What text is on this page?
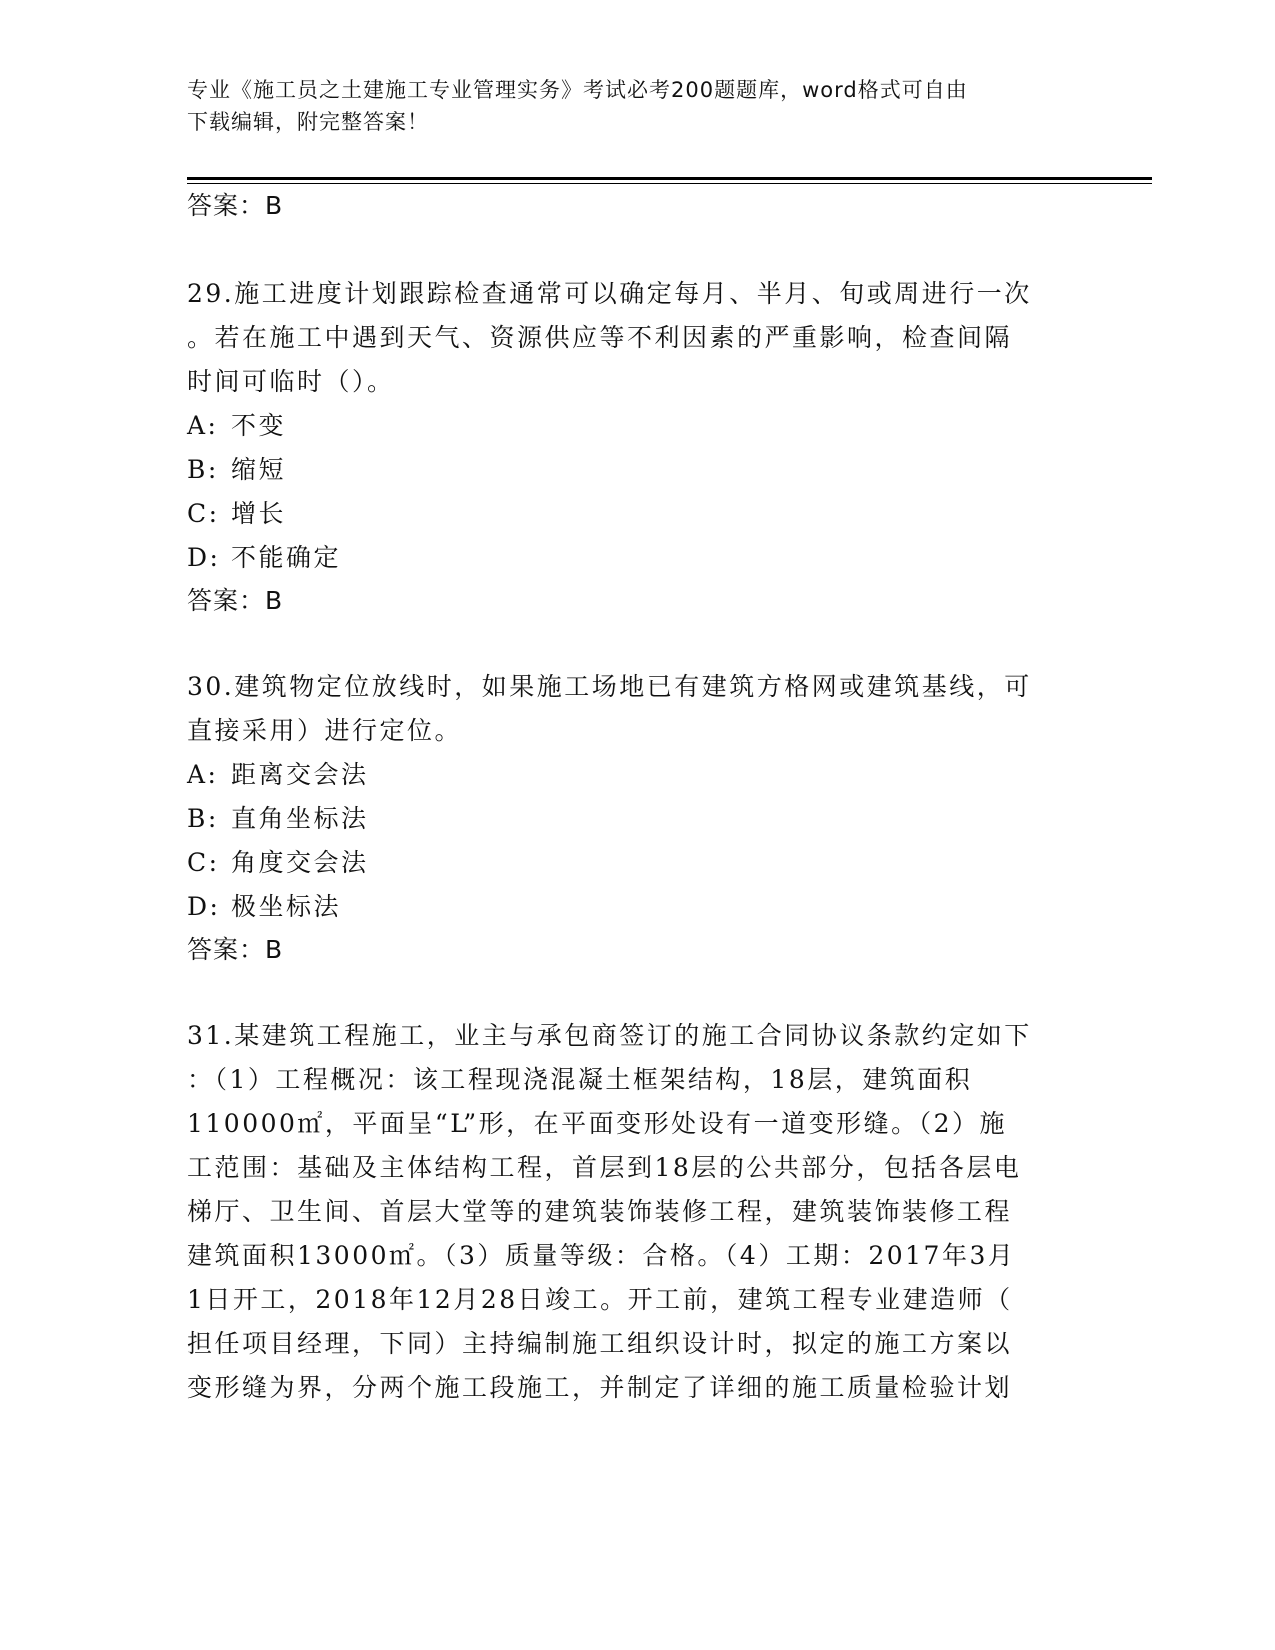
专业《施工员之土建施工专业管理实务》考试必考200题题库，word格式可自由
下载编辑，附完整答案！
答案：B
29.施工进度计划跟踪检查通常可以确定每月、半月、旬或周进行一次
。若在施工中遇到天气、资源供应等不利因素的严重影响，检查间隔
时间可临时（）。
A: 不变
B: 缩短
C: 增长
D: 不能确定
答案：B
30.建筑物定位放线时，如果施工场地已有建筑方格网或建筑基线，可
直接采用）进行定位。
A: 距离交会法
B: 直角坐标法
C: 角度交会法
D: 极坐标法
答案：B
31.某建筑工程施工，业主与承包商签订的施工合同协议条款约定如下
：（1）工程概况：该工程现浇混凝土框架结构，18层，建筑面积
110000㎡，平面呈“L”形，在平面变形处设有一道变形缝。（2）施
工范围：基础及主体结构工程，首层到18层的公共部分，包括各层电
梯厅、卫生间、首层大堂等的建筑装饰装修工程，建筑装饰装修工程
建筑面积13000㎡。（3）质量等级：合格。（4）工期：2017年3月
1日开工，2018年12月28日竣工。开工前，建筑工程专业建造师（
担任项目经理，下同）主持编制施工组织设计时，拟定的施工方案以
变形缝为界，分两个施工段施工，并制定了详细的施工质量检验计划
